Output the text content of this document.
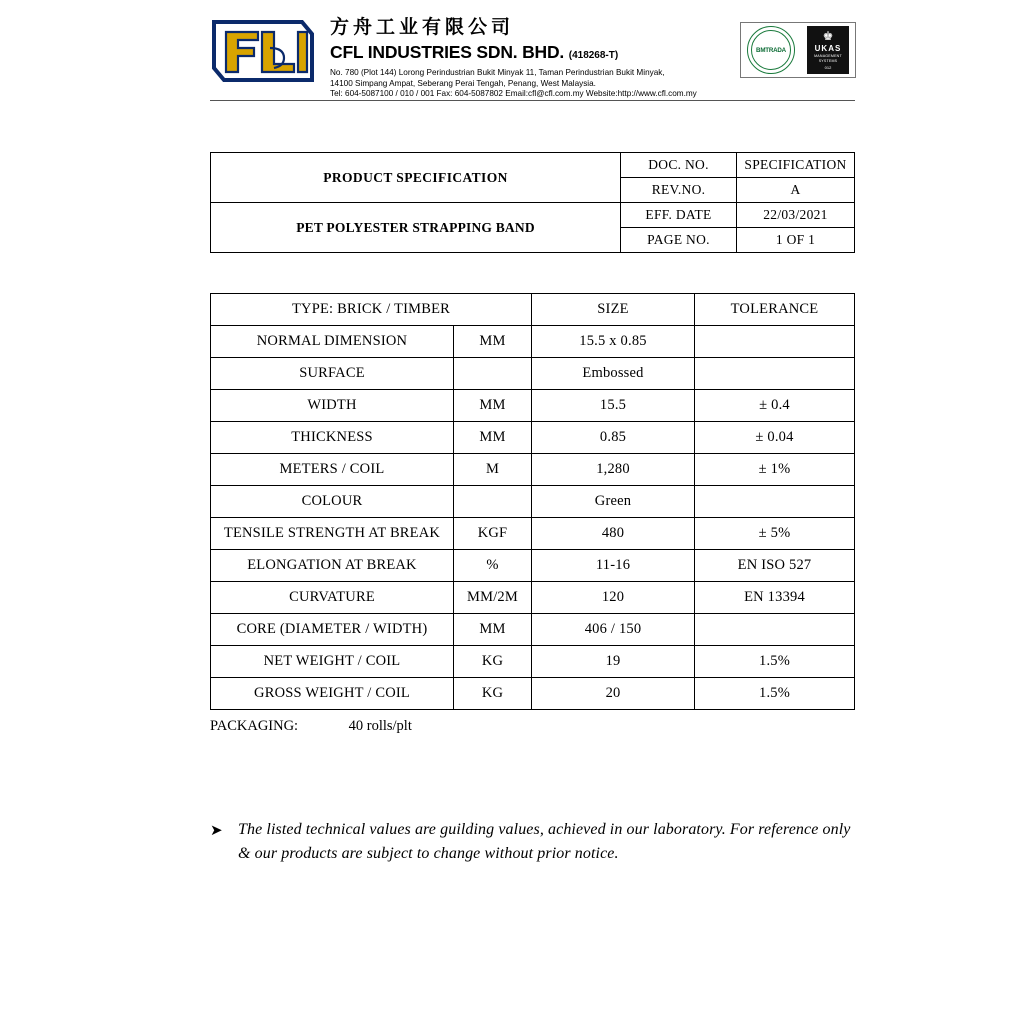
方舟工业有限公司
CFL INDUSTRIES SDN. BHD. (418268-T)
No. 780 (Plot 144) Lorong Perindustrian Bukit Minyak 11, Taman Perindustrian Bukit Minyak,
14100 Simpang Ampat, Seberang Perai Tengah, Penang, West Malaysia.
Tel: 604-5087100 / 010 / 001 Fax: 604-5087802 Email:cfl@cfl.com.my Website:http://www.cfl.com.my
BMTRADA
♚
UKAS
MANAGEMENT SYSTEMS
012
PRODUCT SPECIFICATION	DOC. NO.	SPECIFICATION
	REV.NO.	A
PET POLYESTER STRAPPING BAND	EFF. DATE	22/03/2021
	PAGE NO.	1 OF 1
TYPE: BRICK / TIMBER		SIZE	TOLERANCE
NORMAL DIMENSION	MM	15.5 x 0.85	
SURFACE		Embossed	
WIDTH	MM	15.5	± 0.4
THICKNESS	MM	0.85	± 0.04
METERS / COIL	M	1,280	± 1%
COLOUR		Green	
TENSILE STRENGTH AT BREAK	KGF	480	± 5%
ELONGATION AT BREAK	%	11-16	EN ISO 527
CURVATURE	MM/2M	120	EN 13394
CORE (DIAMETER / WIDTH)	MM	406 / 150	
NET WEIGHT / COIL	KG	19	1.5%
GROSS WEIGHT / COIL	KG	20	1.5%
PACKAGING:	40 rolls/plt
➤ The listed technical values are guilding values, achieved in our laboratory. For reference only & our products are subject to change without prior notice.
